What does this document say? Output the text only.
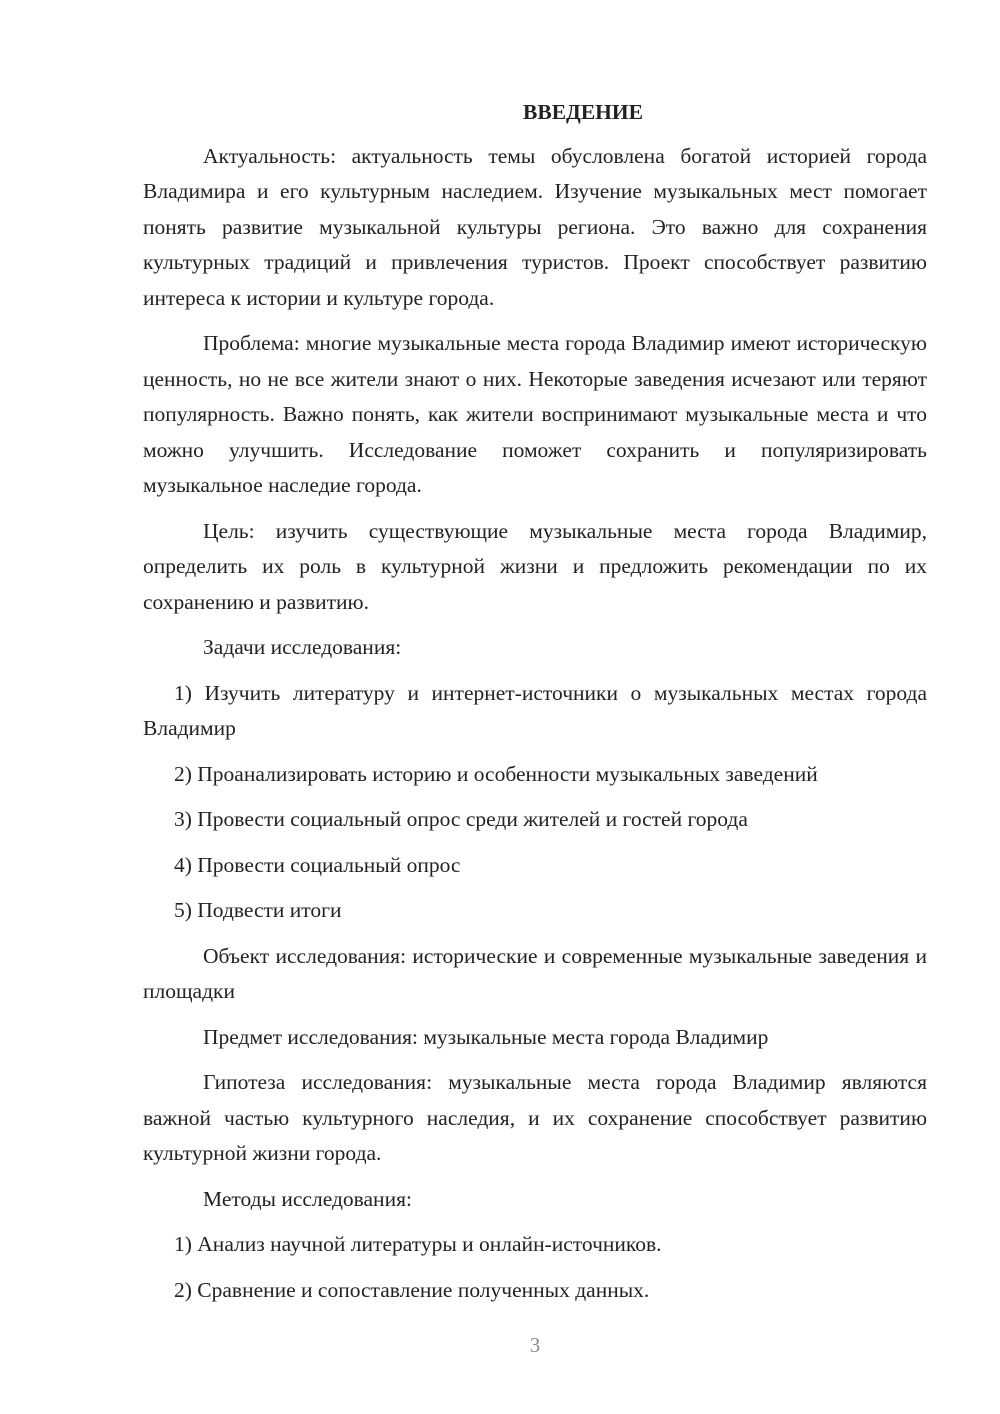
ВВЕДЕНИЕ

Актуальность: актуальность темы обусловлена богатой историей города Владимира и его культурным наследием. Изучение музыкальных мест помогает понять развитие музыкальной культуры региона. Это важно для сохранения культурных традиций и привлечения туристов. Проект способствует развитию интереса к истории и культуре города.

Проблема: многие музыкальные места города Владимир имеют историческую ценность, но не все жители знают о них. Некоторые заведения исчезают или теряют популярность. Важно понять, как жители воспринимают музыкальные места и что можно улучшить. Исследование поможет сохранить и популяризировать музыкальное наследие города.

Цель: изучить существующие музыкальные места города Владимир, определить их роль в культурной жизни и предложить рекомендации по их сохранению и развитию.

Задачи исследования:

1) Изучить литературу и интернет-источники о музыкальных местах города Владимир

2) Проанализировать историю и особенности музыкальных заведений

3) Провести социальный опрос среди жителей и гостей города

4) Провести социальный опрос

5) Подвести итоги

Объект исследования: исторические и современные музыкальные заведения и площадки

Предмет исследования: музыкальные места города Владимир

Гипотеза исследования: музыкальные места города Владимир являются важной частью культурного наследия, и их сохранение способствует развитию культурной жизни города.

Методы исследования:

1) Анализ научной литературы и онлайн-источников.

2) Сравнение и сопоставление полученных данных.

3
